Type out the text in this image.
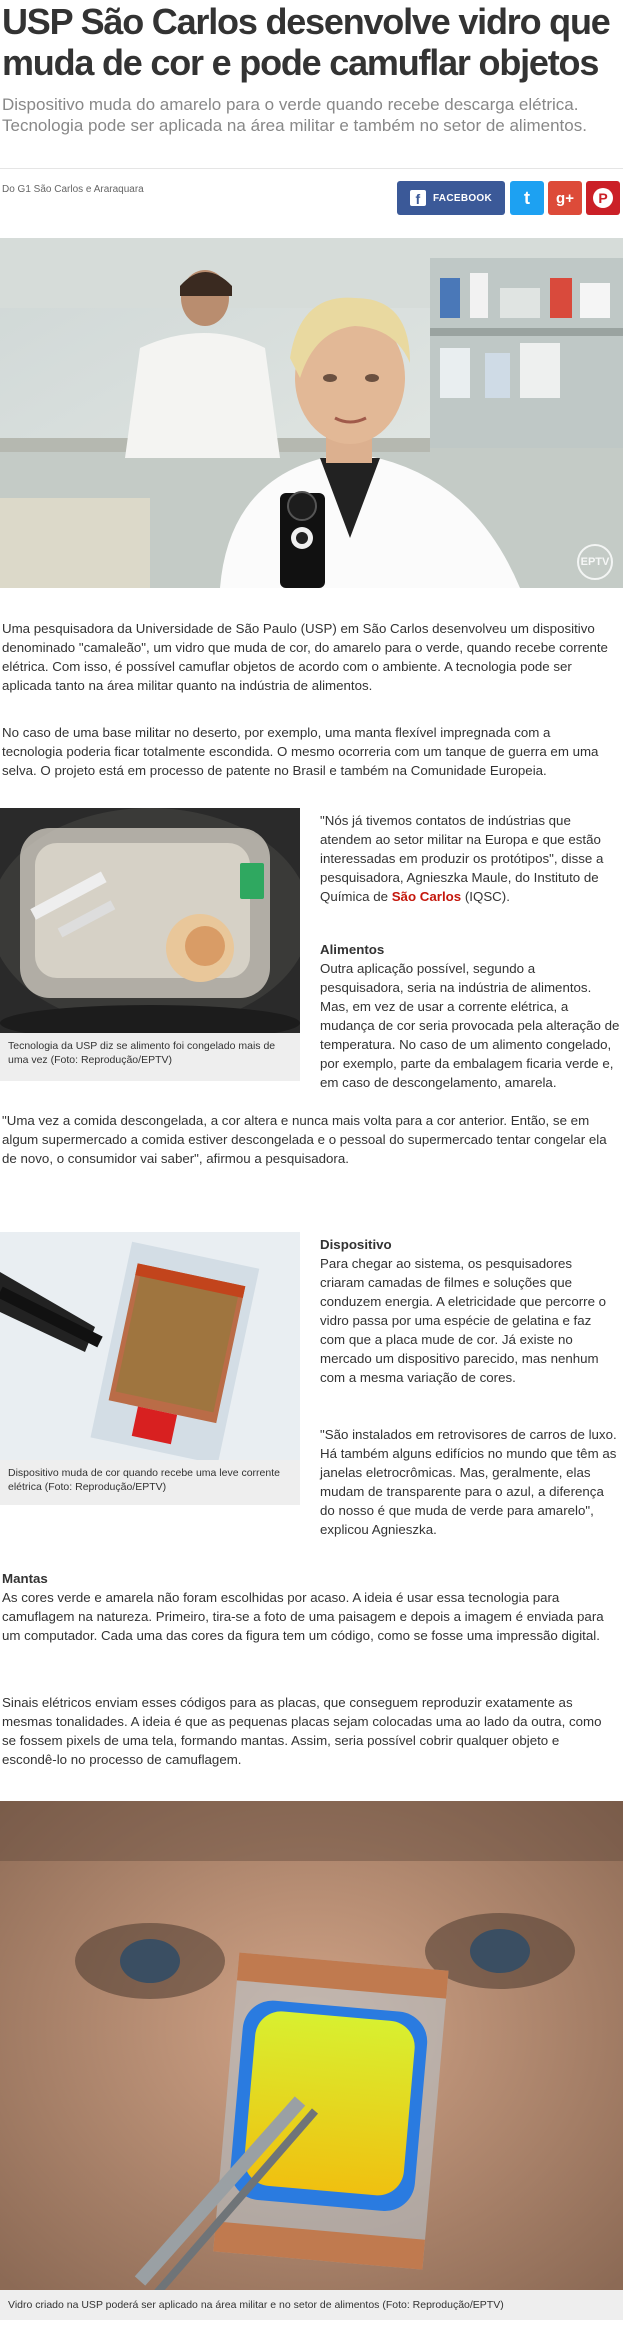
USP São Carlos desenvolve vidro que muda de cor e pode camuflar objetos
Dispositivo muda do amarelo para o verde quando recebe descarga elétrica. Tecnologia pode ser aplicada na área militar e também no setor de alimentos.
Do G1 São Carlos e Araraquara
f	FACEBOOK t g+	P
EPTV

Uma pesquisadora da Universidade de São Paulo (USP) em São Carlos desenvolveu um dispositivo denominado "camaleão", um vidro que muda de cor, do amarelo para o verde, quando recebe corrente elétrica. Com isso, é possível camuflar objetos de acordo com o ambiente. A tecnologia pode ser aplicada tanto na área militar quanto na indústria de alimentos.

No caso de uma base militar no deserto, por exemplo, uma manta flexível impregnada com a tecnologia poderia ficar totalmente escondida. O mesmo ocorreria com um tanque de guerra em uma selva. O projeto está em processo de patente no Brasil e também na Comunidade Europeia.

Tecnologia da USP diz se alimento foi congelado mais de uma vez (Foto: Reprodução/EPTV)

"Nós já tivemos contatos de indústrias que atendem ao setor militar na Europa e que estão interessadas em produzir os protótipos", disse a pesquisadora, Agnieszka Maule, do Instituto de Química de São Carlos (IQSC).

Alimentos

Outra aplicação possível, segundo a pesquisadora, seria na indústria de alimentos. Mas, em vez de usar a corrente elétrica, a mudança de cor seria provocada pela alteração de temperatura. No caso de um alimento congelado, por exemplo, parte da embalagem ficaria verde e, em caso de descongelamento, amarela.

"Uma vez a comida descongelada, a cor altera e nunca mais volta para a cor anterior. Então, se em algum supermercado a comida estiver descongelada e o pessoal do supermercado tentar congelar ela de novo, o consumidor vai saber", afirmou a pesquisadora.

Dispositivo muda de cor quando recebe uma leve corrente elétrica (Foto: Reprodução/EPTV)

Dispositivo

Para chegar ao sistema, os pesquisadores criaram camadas de filmes e soluções que conduzem energia. A eletricidade que percorre o vidro passa por uma espécie de gelatina e faz com que a placa mude de cor. Já existe no mercado um dispositivo parecido, mas nenhum com a mesma variação de cores.

"São instalados em retrovisores de carros de luxo. Há também alguns edifícios no mundo que têm as janelas eletrocrômicas. Mas, geralmente, elas mudam de transparente para o azul, a diferença do nosso é que muda de verde para amarelo", explicou Agnieszka.

Mantas

As cores verde e amarela não foram escolhidas por acaso. A ideia é usar essa tecnologia para camuflagem na natureza. Primeiro, tira-se a foto de uma paisagem e depois a imagem é enviada para um computador. Cada uma das cores da figura tem um código, como se fosse uma impressão digital.

Sinais elétricos enviam esses códigos para as placas, que conseguem reproduzir exatamente as mesmas tonalidades. A ideia é que as pequenas placas sejam colocadas uma ao lado da outra, como se fossem pixels de uma tela, formando mantas. Assim, seria possível cobrir qualquer objeto e escondê-lo no processo de camuflagem.

Vidro criado na USP poderá ser aplicado na área militar e no setor de alimentos (Foto: Reprodução/EPTV)
